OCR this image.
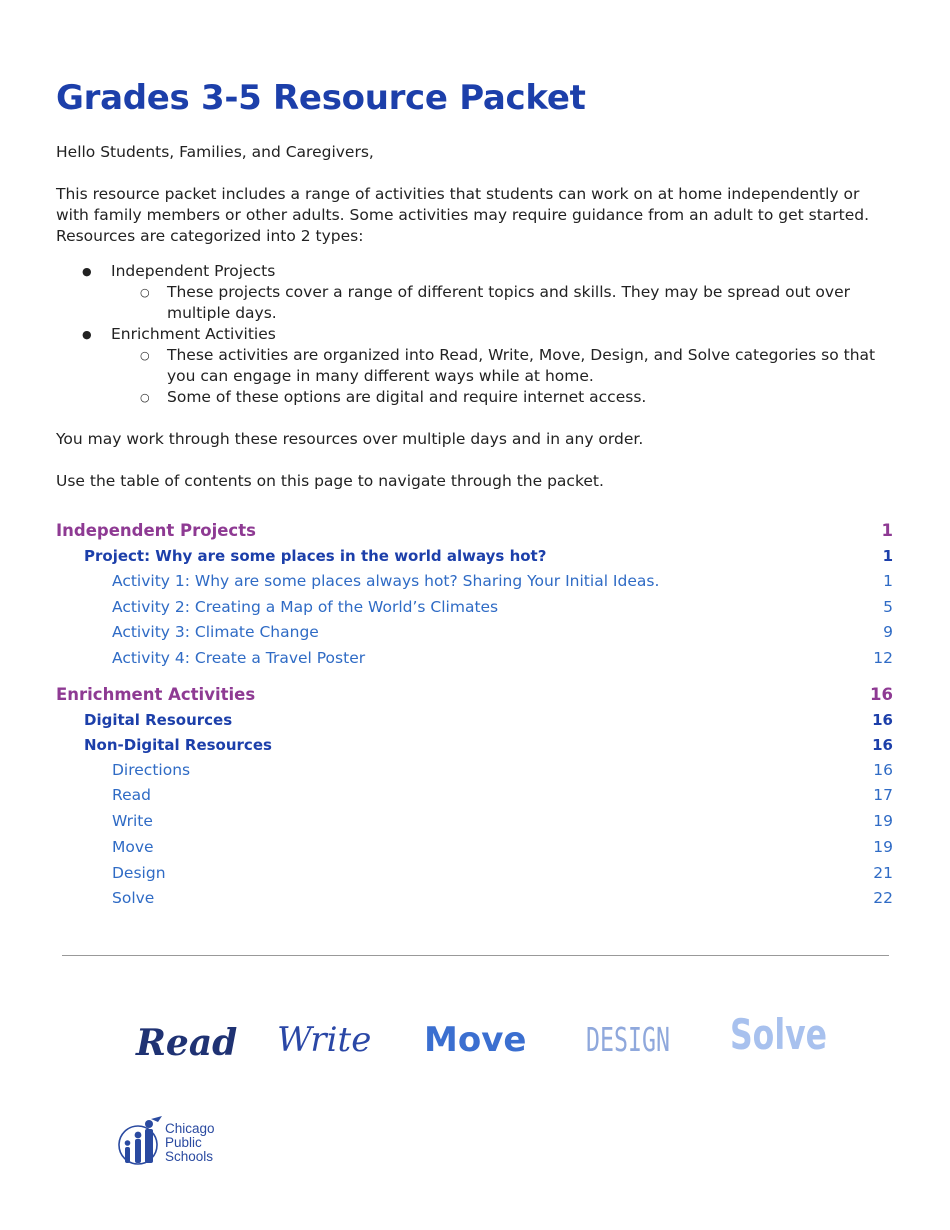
Grades 3-5 Resource Packet

Hello Students, Families, and Caregivers,

This resource packet includes a range of activities that students can work on at home independently or with family members or other adults. Some activities may require guidance from an adult to get started. Resources are categorized into 2 types:

● Independent Projects
○ These projects cover a range of different topics and skills. They may be spread out over multiple days.
● Enrichment Activities
○ These activities are organized into Read, Write, Move, Design, and Solve categories so that you can engage in many different ways while at home.
○ Some of these options are digital and require internet access.

You may work through these resources over multiple days and in any order.

Use the table of contents on this page to navigate through the packet.

Independent Projects	1
Project: Why are some places in the world always hot?	1
Activity 1: Why are some places always hot? Sharing Your Initial Ideas.	1
Activity 2: Creating a Map of the World’s Climates	5
Activity 3: Climate Change	9
Activity 4: Create a Travel Poster	12
Enrichment Activities	16
Digital Resources	16
Non-Digital Resources	16
Directions	16
Read	17
Write	19
Move	19
Design	21
Solve	22
Read Write Move DESIGN Solve
Chicago
Public
Schools
